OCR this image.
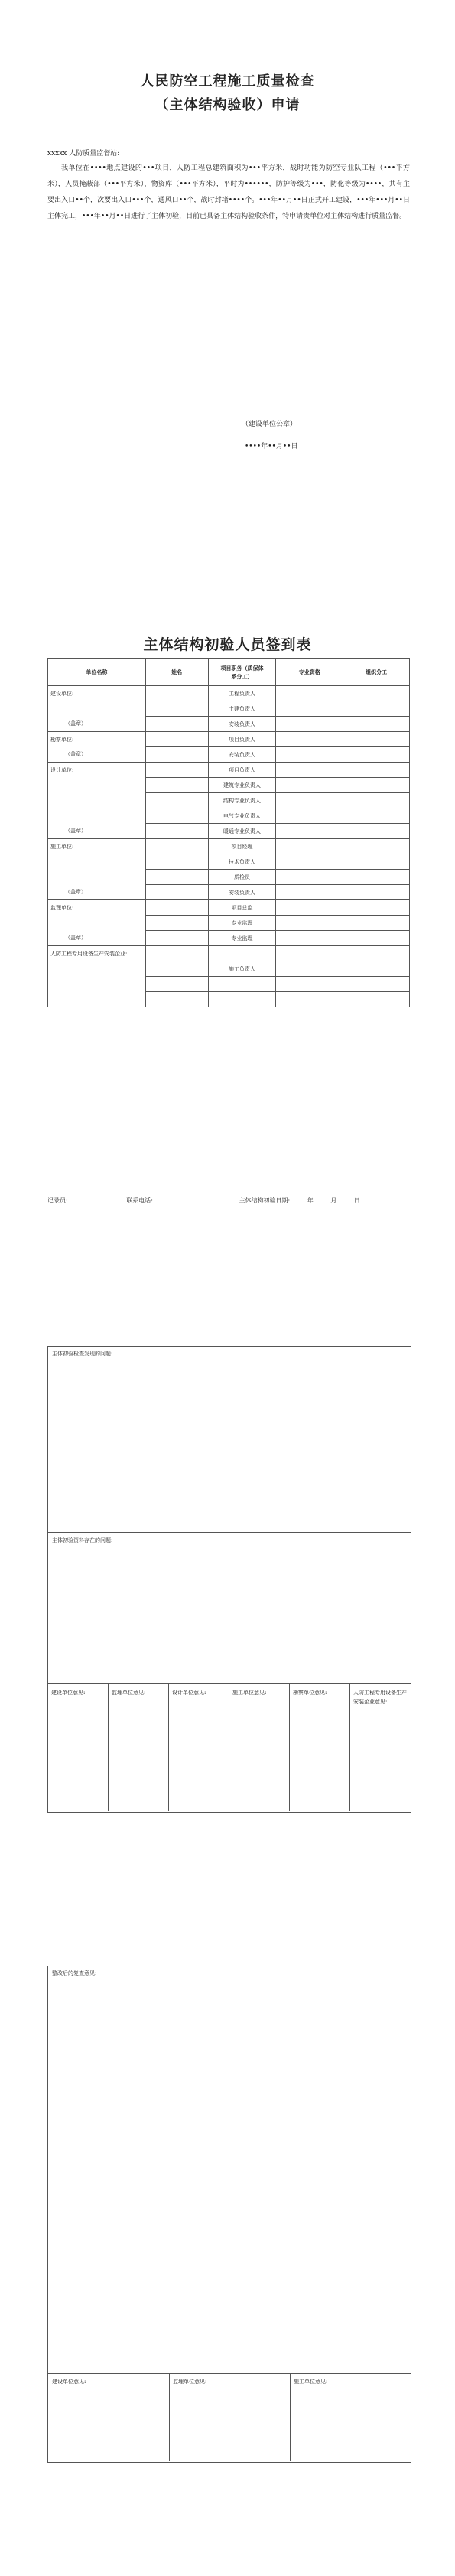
人民防空工程施工质量检查
（主体结构验收）申请
xxxxx 人防质量监督站:
我单位在••••地点建设的•••项目，人防工程总建筑面积为•••平方米，战时功能为防空专业队工程（•••平方米），人员掩蔽部（•••平方米），物资库（•••平方米），平时为••••••，防护等级为•••，防化等级为••••，共有主要出入口••个，次要出入口•••个，通风口••个，战时封堵••••个。•••年••月••日正式开工建设，•••年•••月••日主体完工，•••年••月••日进行了主体初验，目前已具备主体结构验收条件，特申请贵单位对主体结构进行质量监督。
（建设单位公章）
••••年••月••日
主体结构初验人员签到表
单位名称	姓名	项目职务（质保体系分工）	专业资格	组织分工

建设单位:
（盖章）		工程负责人		
		土建负责人		
		安装负责人		

勘察单位:
（盖章）		项目负责人		
		安装负责人		

设计单位:
（盖章）		项目负责人		
		建筑专业负责人		
		结构专业负责人		
		电气专业负责人		
		暖通专业负责人		

施工单位:
（盖章）		项目经理		
		技术负责人		
		质检员		
		安装负责人		

监理单位:
（盖章）		项目总监		
		专业监理		
		专业监理		

人防工程专用设备生产安装企业:				

		施工负责人		

记录员:	联系电话:	主体结构初验日期:	年	月	日
主体初验检查发现的问题:
主体初验资料存在的问题:
建设单位意见:	监理单位意见:	设计单位意见:	施工单位意见:	勘察单位意见:	人防工程专用设备生产安装企业意见:
整改后的复查意见:
建设单位意见:	监理单位意见:	施工单位意见:
